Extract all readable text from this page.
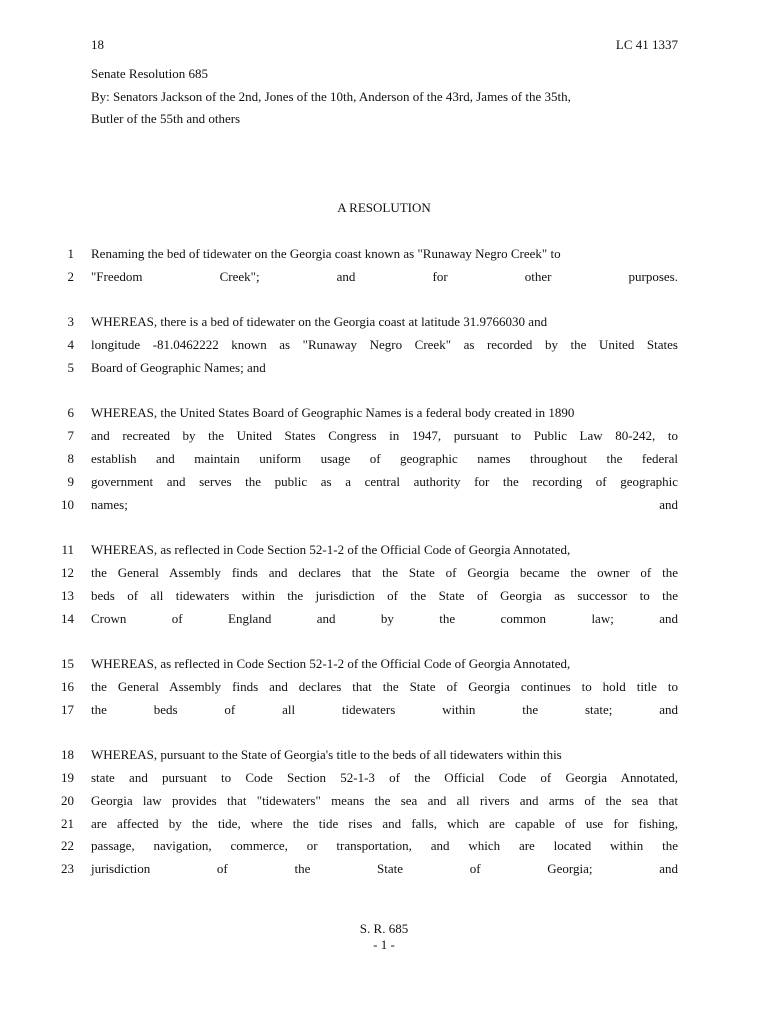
18	LC 41 1337
Senate Resolution 685
By: Senators Jackson of the 2nd, Jones of the 10th, Anderson of the 43rd, James of the 35th,
Butler of the 55th and others
A RESOLUTION
1 Renaming the bed of tidewater on the Georgia coast known as "Runaway Negro Creek" to
2 "Freedom Creek"; and for other purposes.
3 WHEREAS, there is a bed of tidewater on the Georgia coast at latitude 31.9766030 and
4 longitude -81.0462222 known as "Runaway Negro Creek" as recorded by the United States
5 Board of Geographic Names; and
6 WHEREAS, the United States Board of Geographic Names is a federal body created in 1890
7 and recreated by the United States Congress in 1947, pursuant to Public Law 80-242, to
8 establish and maintain uniform usage of geographic names throughout the federal
9 government and serves the public as a central authority for the recording of geographic
10 names; and
11 WHEREAS, as reflected in Code Section 52-1-2 of the Official Code of Georgia Annotated,
12 the General Assembly finds and declares that the State of Georgia became the owner of the
13 beds of all tidewaters within the jurisdiction of the State of Georgia as successor to the
14 Crown of England and by the common law; and
15 WHEREAS, as reflected in Code Section 52-1-2 of the Official Code of Georgia Annotated,
16 the General Assembly finds and declares that the State of Georgia continues to hold title to
17 the beds of all tidewaters within the state; and
18 WHEREAS, pursuant to the State of Georgia's title to the beds of all tidewaters within this
19 state and pursuant to Code Section 52-1-3 of the Official Code of Georgia Annotated,
20 Georgia law provides that "tidewaters" means the sea and all rivers and arms of the sea that
21 are affected by the tide, where the tide rises and falls, which are capable of use for fishing,
22 passage, navigation, commerce, or transportation, and which are located within the
23 jurisdiction of the State of Georgia; and
S. R. 685
- 1 -
